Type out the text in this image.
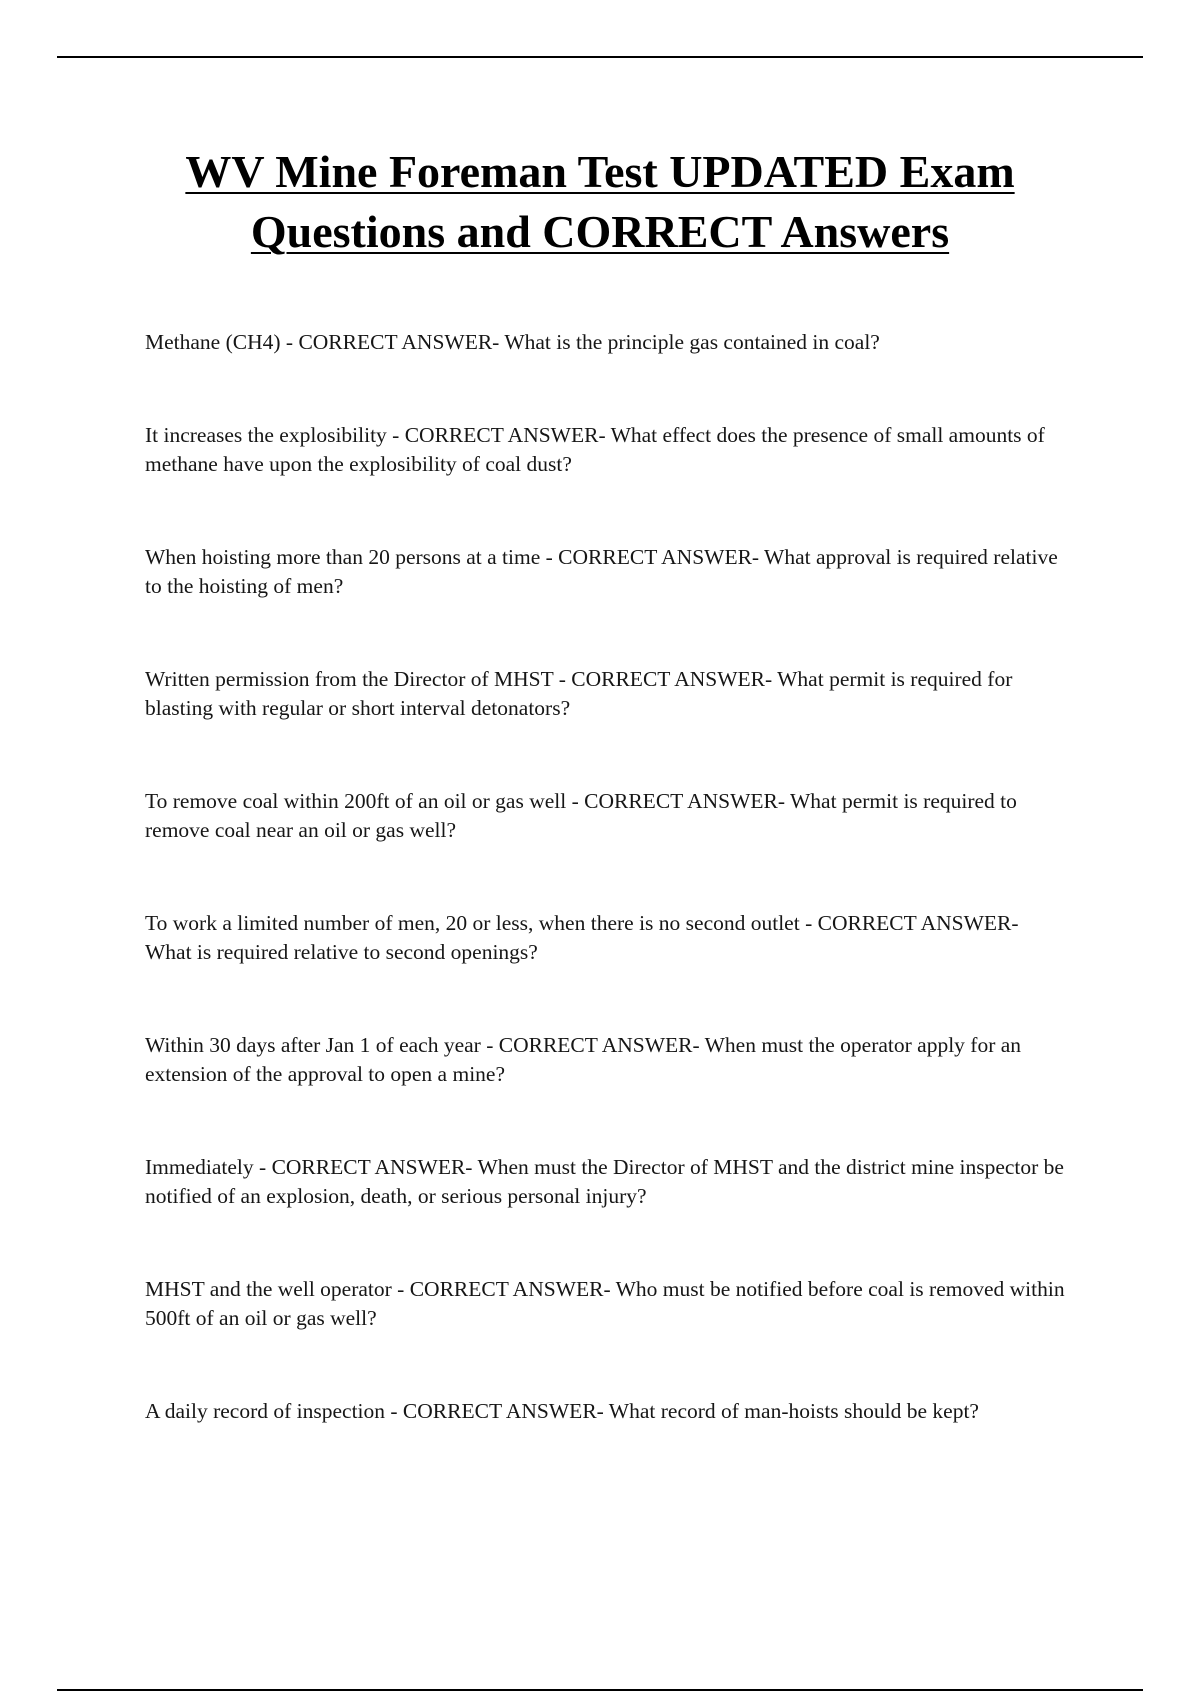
WV Mine Foreman Test UPDATED Exam
Questions and CORRECT Answers
Methane (CH4) - CORRECT ANSWER- What is the principle gas contained in coal?
It increases the explosibility - CORRECT ANSWER- What effect does the presence of small amounts of methane have upon the explosibility of coal dust?
When hoisting more than 20 persons at a time - CORRECT ANSWER- What approval is required relative to the hoisting of men?
Written permission from the Director of MHST - CORRECT ANSWER- What permit is required for blasting with regular or short interval detonators?
To remove coal within 200ft of an oil or gas well - CORRECT ANSWER- What permit is required to remove coal near an oil or gas well?
To work a limited number of men, 20 or less, when there is no second outlet - CORRECT ANSWER- What is required relative to second openings?
Within 30 days after Jan 1 of each year - CORRECT ANSWER- When must the operator apply for an extension of the approval to open a mine?
Immediately - CORRECT ANSWER- When must the Director of MHST and the district mine inspector be notified of an explosion, death, or serious personal injury?
MHST and the well operator - CORRECT ANSWER- Who must be notified before coal is removed within 500ft of an oil or gas well?
A daily record of inspection - CORRECT ANSWER- What record of man-hoists should be kept?
